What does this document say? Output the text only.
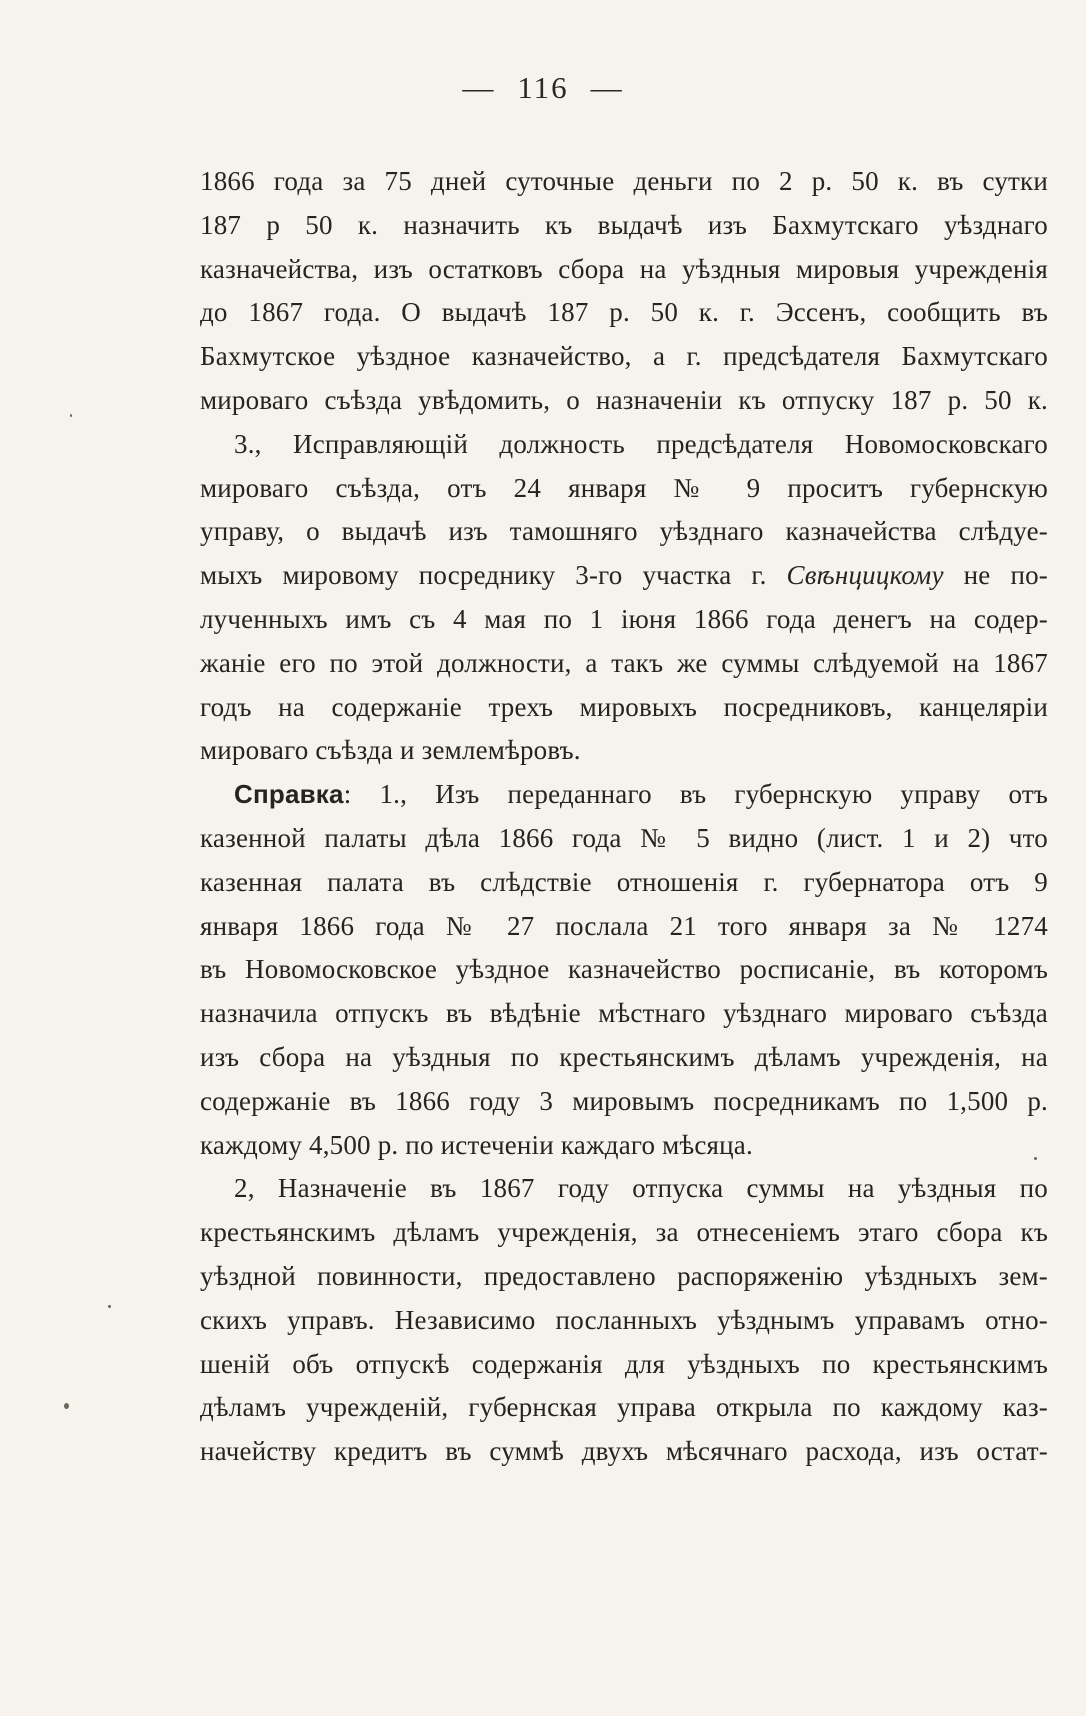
— 116 —
1866 года за 75 дней суточные деньги по 2 р. 50 к. въ сутки
187 р 50 к. назначить къ выдачѣ изъ Бахмутскаго уѣзднаго
казначейства, изъ остатковъ сбора на уѣздныя мировыя учрежденія
до 1867 года. О выдачѣ 187 р. 50 к. г. Эссенъ, сообщить въ
Бахмутское уѣздное казначейство, а г. предсѣдателя Бахмутскаго
мироваго съѣзда увѣдомить, о назначеніи къ отпуску 187 р. 50 к.
3., Исправляющій должность предсѣдателя Новомосковскаго
мироваго съѣзда, отъ 24 января № 9 проситъ губернскую
управу, о выдачѣ изъ тамошняго уѣзднаго казначейства слѣдуе-
мыхъ мировому посреднику 3-го участка г. Свѣнцицкому не по-
лученныхъ имъ съ 4 мая по 1 іюня 1866 года денегъ на содер-
жаніе его по этой должности, а такъ же суммы слѣдуемой на 1867
годъ на содержаніе трехъ мировыхъ посредниковъ, канцеляріи
мироваго съѣзда и землемѣровъ.
Справка: 1., Изъ переданнаго въ губернскую управу отъ
казенной палаты дѣла 1866 года № 5 видно (лист. 1 и 2) что
казенная палата въ слѣдствіе отношенія г. губернатора отъ 9
января 1866 года № 27 послала 21 того января за № 1274
въ Новомосковское уѣздное казначейство росписаніе, въ которомъ
назначила отпускъ въ вѣдѣніе мѣстнаго уѣзднаго мироваго съѣзда
изъ сбора на уѣздныя по крестьянскимъ дѣламъ учрежденія, на
содержаніе въ 1866 году 3 мировымъ посредникамъ по 1,500 р.
каждому 4,500 р. по истеченіи каждаго мѣсяца.
2, Назначеніе въ 1867 году отпуска суммы на уѣздныя по
крестьянскимъ дѣламъ учрежденія, за отнесеніемъ этаго сбора къ
уѣздной повинности, предоставлено распоряженію уѣздныхъ зем-
скихъ управъ. Независимо посланныхъ уѣзднымъ управамъ отно-
шеній объ отпускѣ содержанія для уѣздныхъ по крестьянскимъ
дѣламъ учрежденій, губернская управа открыла по каждому каз-
начейству кредитъ въ суммѣ двухъ мѣсячнаго расхода, изъ остат-
